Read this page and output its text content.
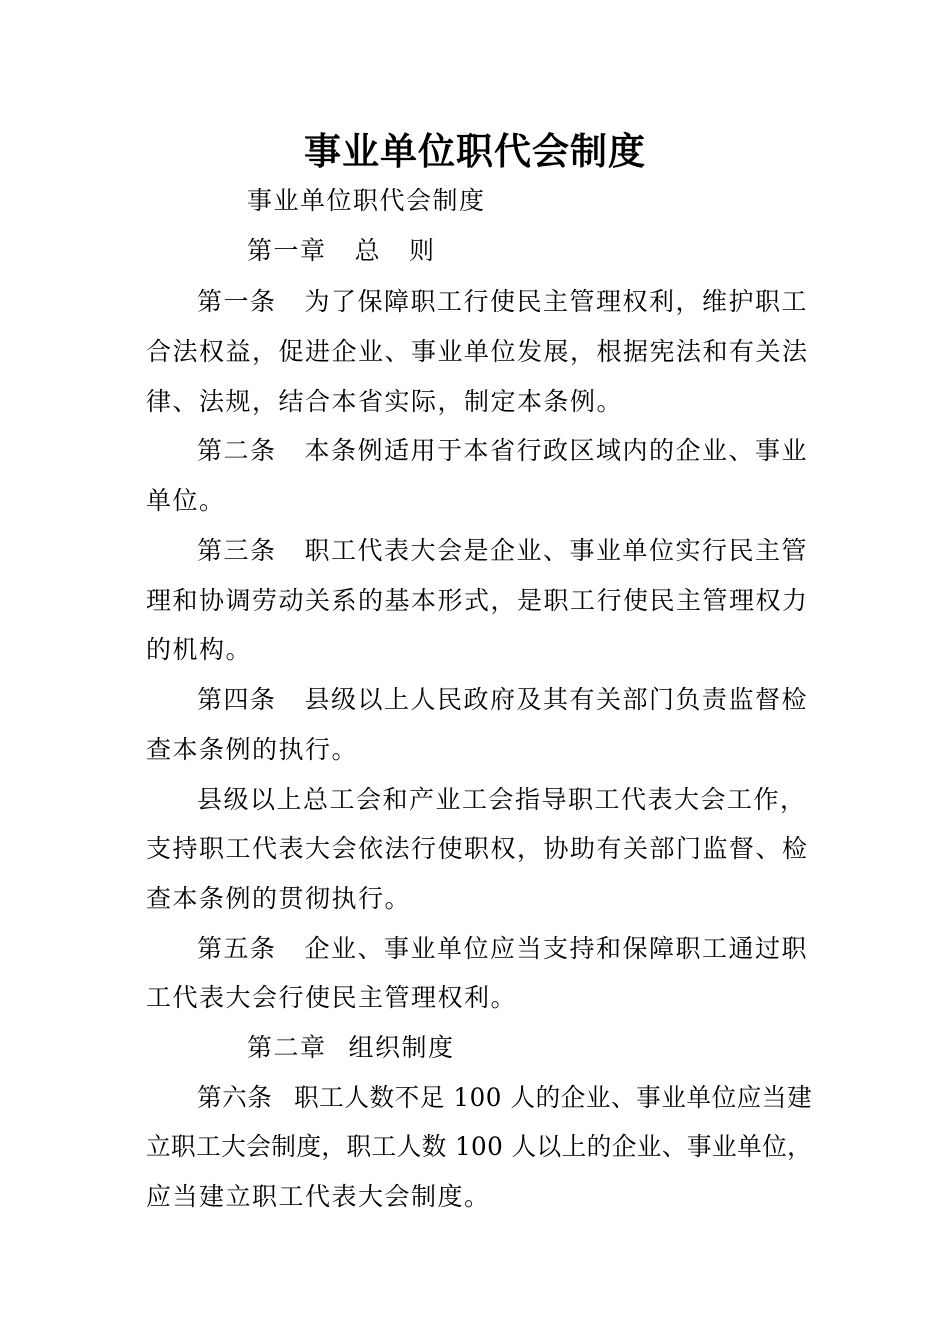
事业单位职代会制度
事业单位职代会制度
第一章 总 则
第一条 为了保障职工行使民主管理权利，维护职工
合法权益，促进企业、事业单位发展，根据宪法和有关法
律、法规，结合本省实际，制定本条例。
第二条 本条例适用于本省行政区域内的企业、事业
单位。
第三条 职工代表大会是企业、事业单位实行民主管
理和协调劳动关系的基本形式，是职工行使民主管理权力
的机构。
第四条 县级以上人民政府及其有关部门负责监督检
查本条例的执行。
县级以上总工会和产业工会指导职工代表大会工作，
支持职工代表大会依法行使职权，协助有关部门监督、检
查本条例的贯彻执行。
第五条 企业、事业单位应当支持和保障职工通过职
工代表大会行使民主管理权利。
第二章 组织制度
第六条 职工人数不足 100 人的企业、事业单位应当建
立职工大会制度，职工人数 100 人以上的企业、事业单位，
应当建立职工代表大会制度。
